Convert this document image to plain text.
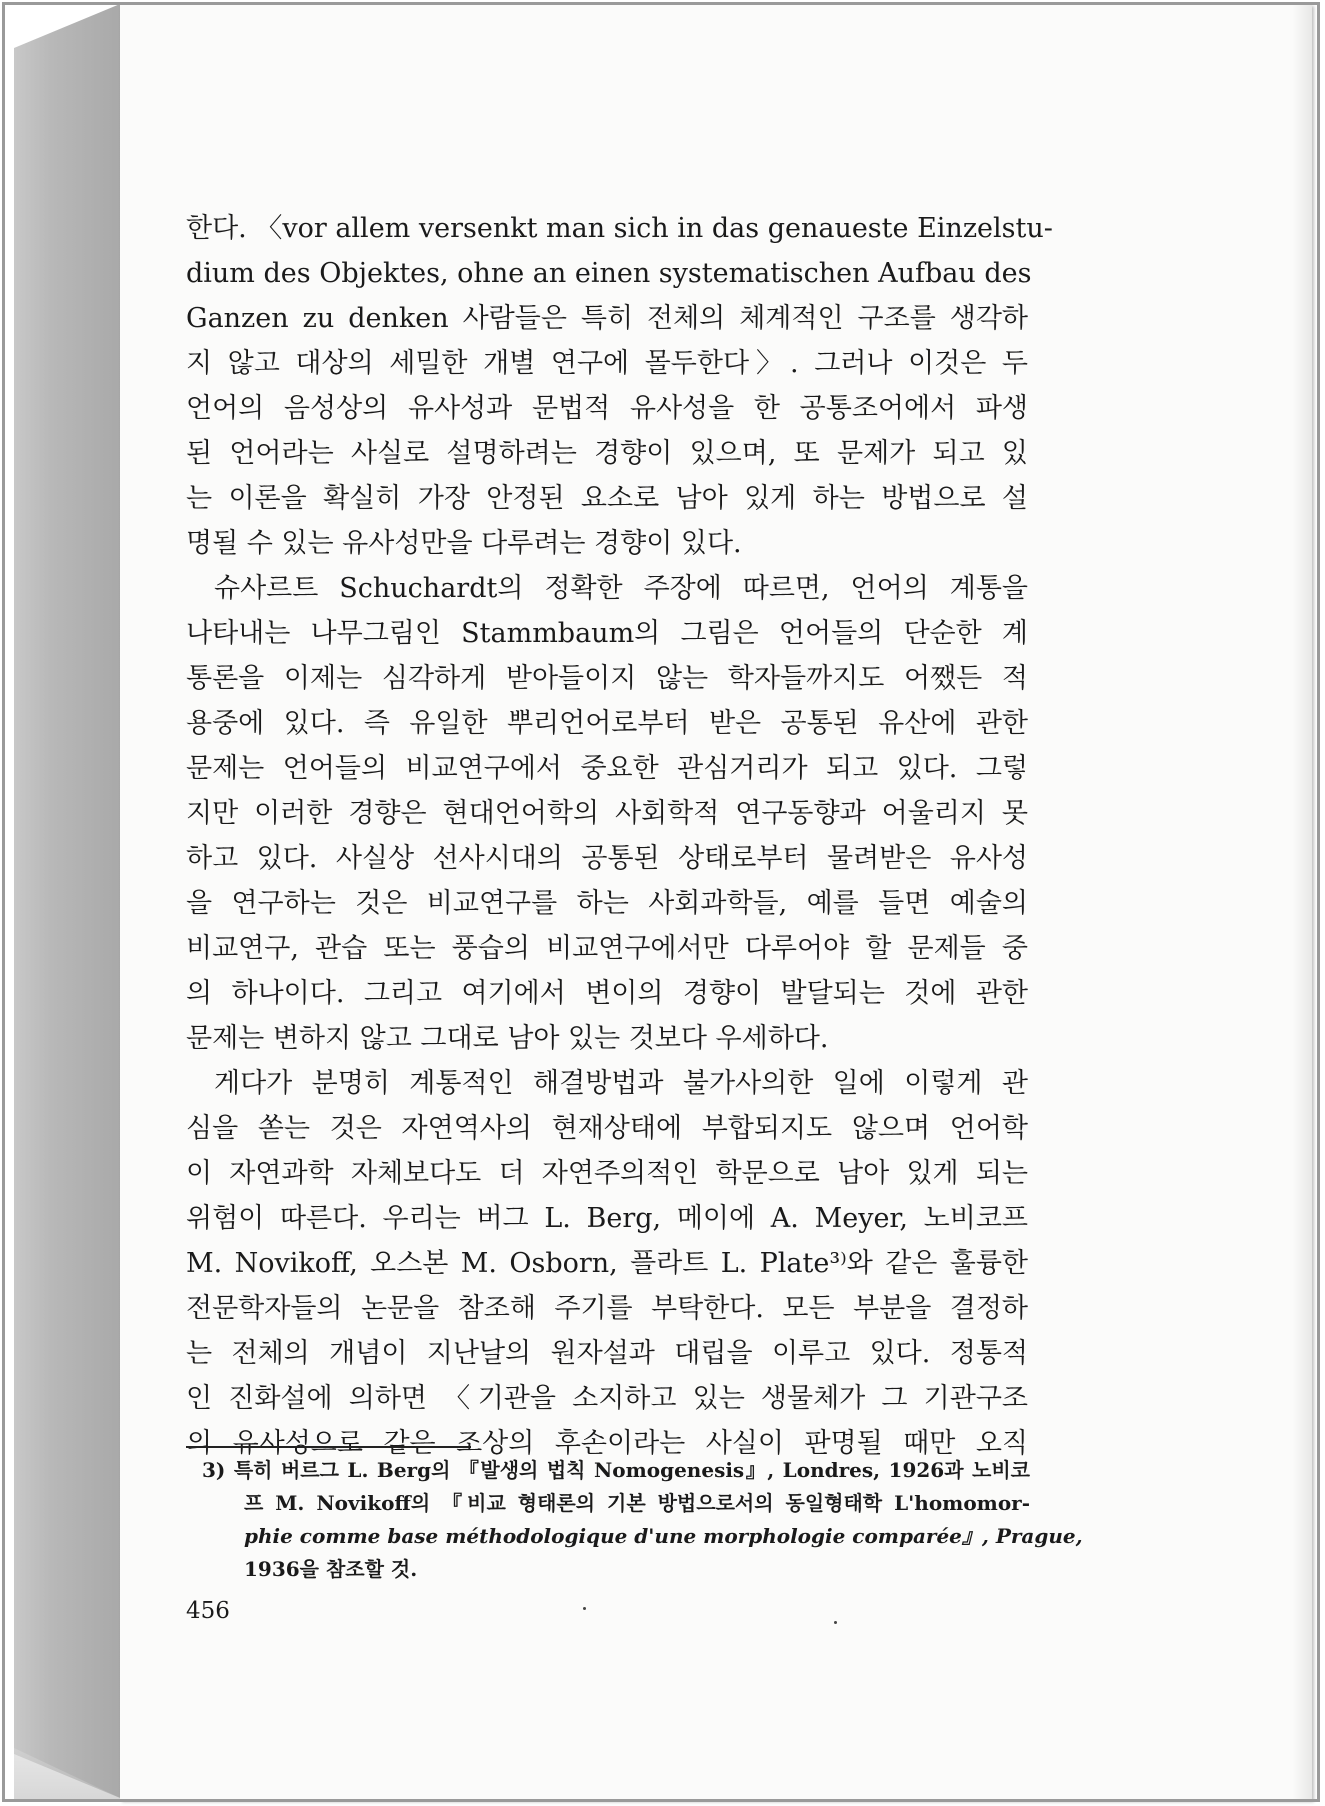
한다. 〈vor allem versenkt man sich in das genaueste Einzelstu-
dium des Objektes, ohne an einen systematischen Aufbau des
Ganzen zu denken 사람들은 특히 전체의 체계적인 구조를 생각하
지 않고 대상의 세밀한 개별 연구에 몰두한다〉. 그러나 이것은 두
언어의 음성상의 유사성과 문법적 유사성을 한 공통조어에서 파생
된 언어라는 사실로 설명하려는 경향이 있으며, 또 문제가 되고 있
는 이론을 확실히 가장 안정된 요소로 남아 있게 하는 방법으로 설
명될 수 있는 유사성만을 다루려는 경향이 있다.
슈사르트 Schuchardt의 정확한 주장에 따르면, 언어의 계통을
나타내는 나무그림인 Stammbaum의 그림은 언어들의 단순한 계
통론을 이제는 심각하게 받아들이지 않는 학자들까지도 어쨌든 적
용중에 있다. 즉 유일한 뿌리언어로부터 받은 공통된 유산에 관한
문제는 언어들의 비교연구에서 중요한 관심거리가 되고 있다. 그렇
지만 이러한 경향은 현대언어학의 사회학적 연구동향과 어울리지 못
하고 있다. 사실상 선사시대의 공통된 상태로부터 물려받은 유사성
을 연구하는 것은 비교연구를 하는 사회과학들, 예를 들면 예술의
비교연구, 관습 또는 풍습의 비교연구에서만 다루어야 할 문제들 중
의 하나이다. 그리고 여기에서 변이의 경향이 발달되는 것에 관한
문제는 변하지 않고 그대로 남아 있는 것보다 우세하다.
게다가 분명히 계통적인 해결방법과 불가사의한 일에 이렇게 관
심을 쏟는 것은 자연역사의 현재상태에 부합되지도 않으며 언어학
이 자연과학 자체보다도 더 자연주의적인 학문으로 남아 있게 되는
위험이 따른다. 우리는 버그 L. Berg, 메이에 A. Meyer, 노비코프
M. Novikoff, 오스본 M. Osborn, 플라트 L. Plate³⁾와 같은 훌륭한
전문학자들의 논문을 참조해 주기를 부탁한다. 모든 부분을 결정하
는 전체의 개념이 지난날의 원자설과 대립을 이루고 있다. 정통적
인 진화설에 의하면 〈기관을 소지하고 있는 생물체가 그 기관구조
의 유사성으로 같은 조상의 후손이라는 사실이 판명될 때만 오직
3) 특히 버르그 L. Berg의 『발생의 법칙 Nomogenesis』, Londres, 1926과 노비코
프 M. Novikoff의 『비교 형태론의 기본 방법으로서의 동일형태학 L'homomor-
phie comme base méthodologique d'une morphologie comparée』, Prague,
1936을 참조할 것.
456
